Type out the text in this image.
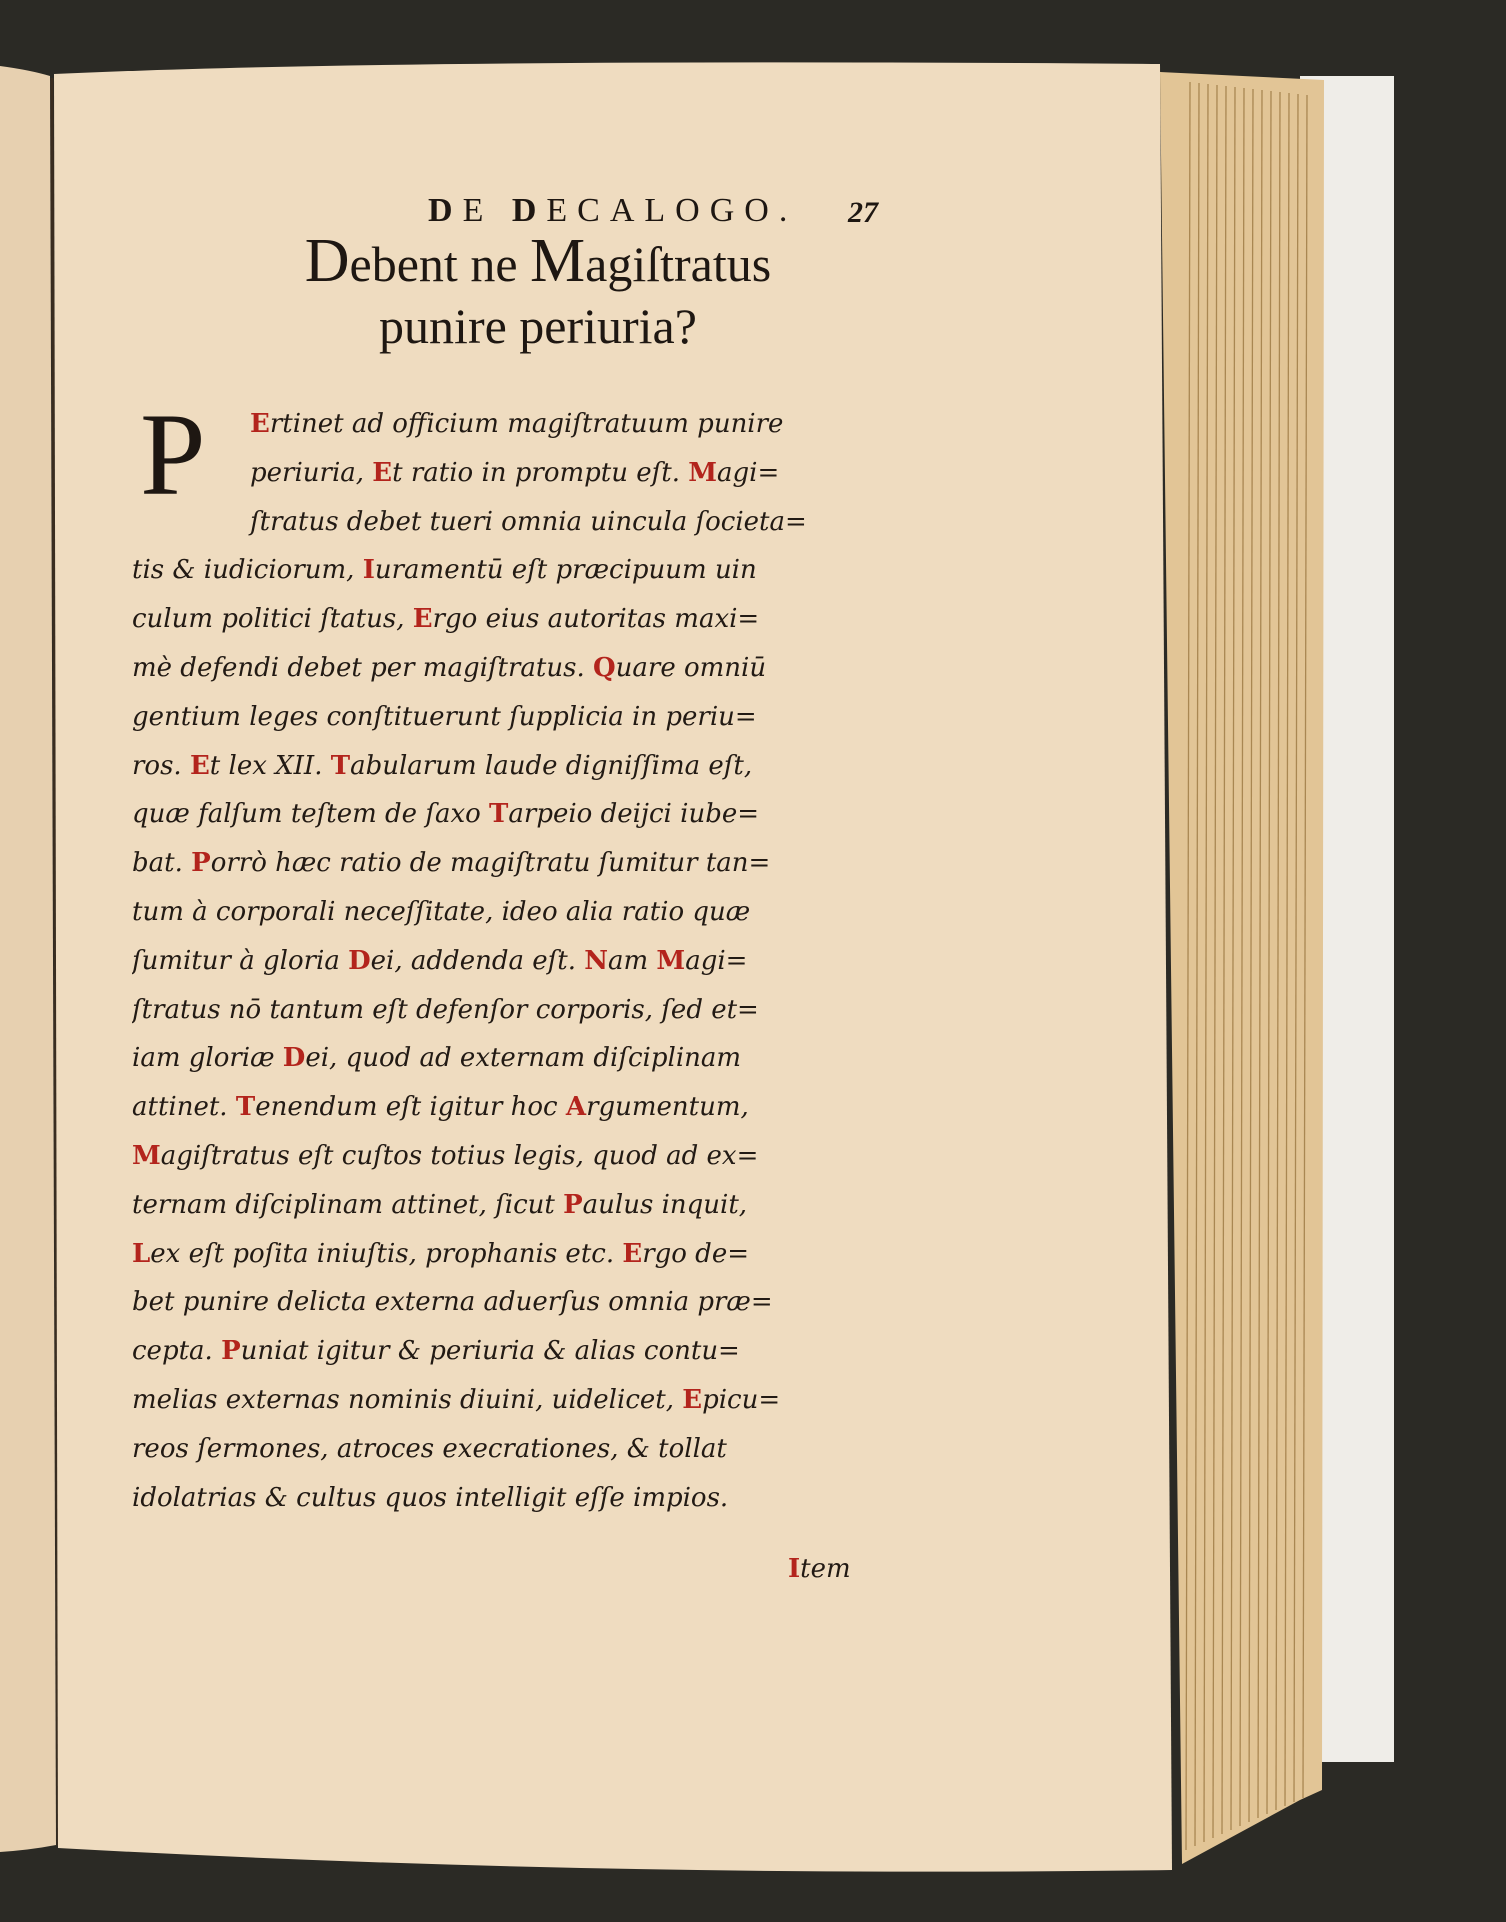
DE DECALOGO. 27
Debent ne Magiſtratus
punire periuria?
P	Ertinet ad officium magiſtratuum punire
periuria, Et ratio in promptu eſt. Magi=
ſtratus debet tueri omnia uincula ſocieta=
tis & iudiciorum, Iuramentū eſt præcipuum uin
culum politici ſtatus, Ergo eius autoritas maxi=
mè defendi debet per magiſtratus. Quare omniū
gentium leges conſtituerunt ſupplicia in periu=
ros. Et lex XII. Tabularum laude digniſſima eſt,
quæ falſum teſtem de ſaxo Tarpeio deijci iube=
bat. Porrò hæc ratio de magiſtratu ſumitur tan=
tum à corporali neceſſitate, ideo alia ratio quæ
ſumitur à gloria Dei, addenda eſt. Nam Magi=
ſtratus nō tantum eſt defenſor corporis, ſed et=
iam gloriæ Dei, quod ad externam diſciplinam
attinet. Tenendum eſt igitur hoc Argumentum,
Magiſtratus eſt cuſtos totius legis, quod ad ex=
ternam diſciplinam attinet, ſicut Paulus inquit,
Lex eſt poſita iniuſtis, prophanis etc. Ergo de=
bet punire delicta externa aduerſus omnia præ=
cepta. Puniat igitur & periuria & alias contu=
melias externas nominis diuini, uidelicet, Epicu=
reos ſermones, atroces execrationes, & tollat
idolatrias & cultus quos intelligit eſſe impios.
Item
